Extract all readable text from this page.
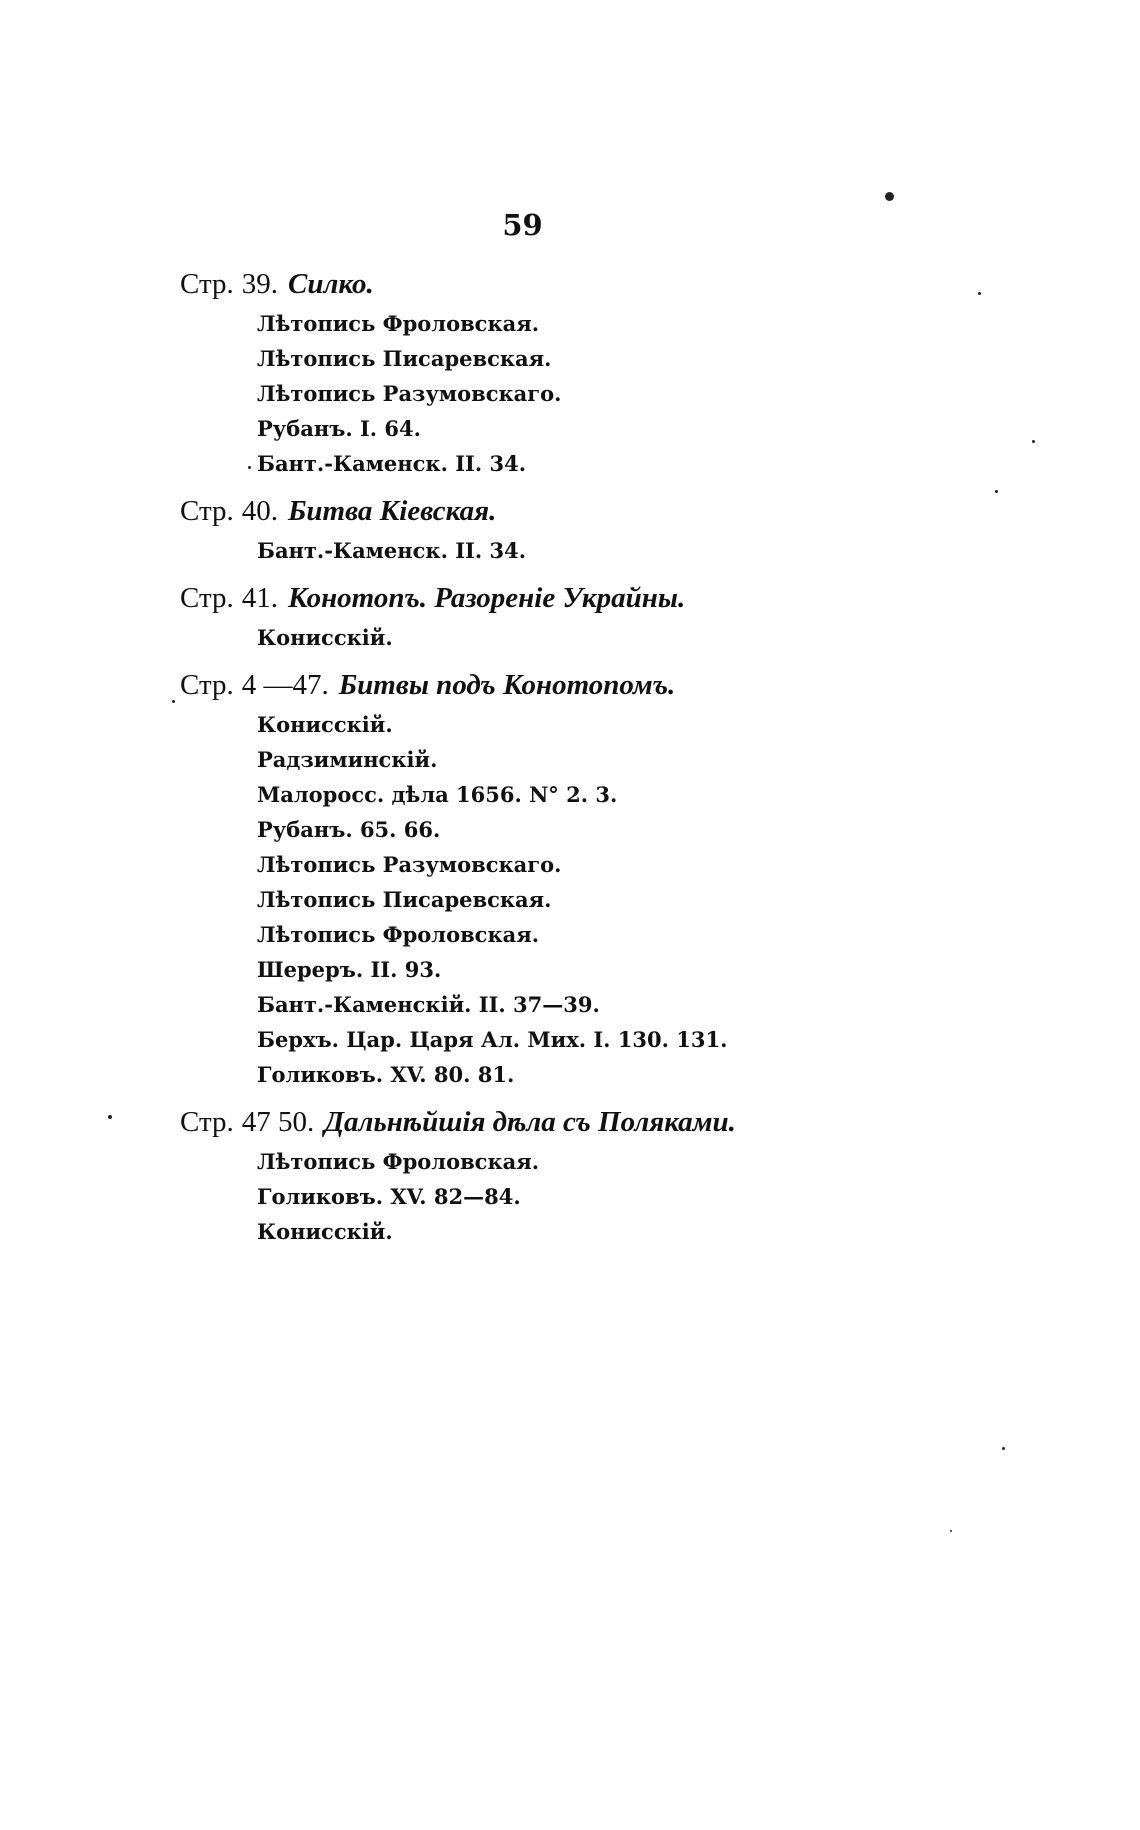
59
Стр. 39. Силко.
Лѣтопись Фроловская.
Лѣтопись Писаревская.
Лѣтопись Разумовскаго.
Рубанъ. I. 64.
Бант.-Каменск. II. 34.
Стр. 40. Битва Кіевская.
Бант.-Каменск. II. 34.
Стр. 41. Конотопъ. Разореніе Украйны.
Конисскій.
Стр. 4 —47. Битвы подъ Конотопомъ.
Конисскій.
Радзиминскій.
Малоросс. дѣла 1656. N° 2. 3.
Рубанъ. 65. 66.
Лѣтопись Разумовскаго.
Лѣтопись Писаревская.
Лѣтопись Фроловская.
Шереръ. II. 93.
Бант.-Каменскій. II. 37—39.
Берхъ. Цар. Царя Ал. Мих. I. 130. 131.
Голиковъ. XV. 80. 81.
Стр. 47 50. Дальнѣйшія дѣла съ Поляками.
Лѣтопись Фроловская.
Голиковъ. XV. 82—84.
Конисскій.
